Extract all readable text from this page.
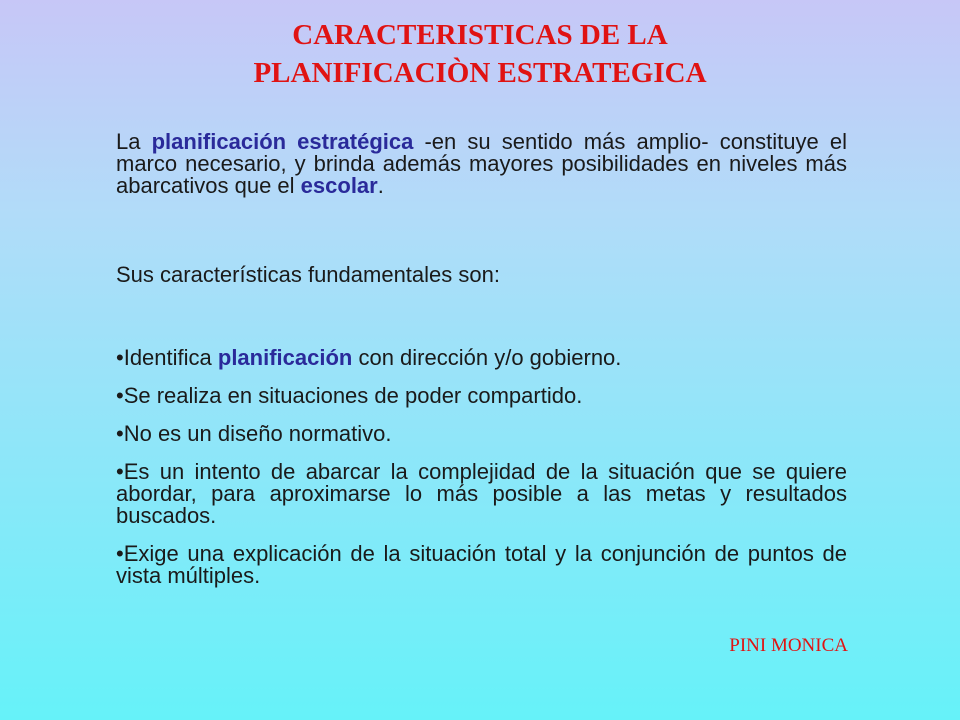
CARACTERISTICAS DE LA
PLANIFICACIÒN ESTRATEGICA

La planificación estratégica -en su sentido más amplio- constituye el marco necesario, y brinda además mayores posibilidades en niveles más abarcativos que el escolar.

Sus características fundamentales son:

•Identifica planificación con dirección y/o gobierno.
•Se realiza en situaciones de poder compartido.
•No es un diseño normativo.
•Es un intento de abarcar la complejidad de la situación que se quiere abordar, para aproximarse lo más posible a las metas y resultados buscados.
•Exige una explicación de la situación total y la conjunción de puntos de vista múltiples.
PINI MONICA
